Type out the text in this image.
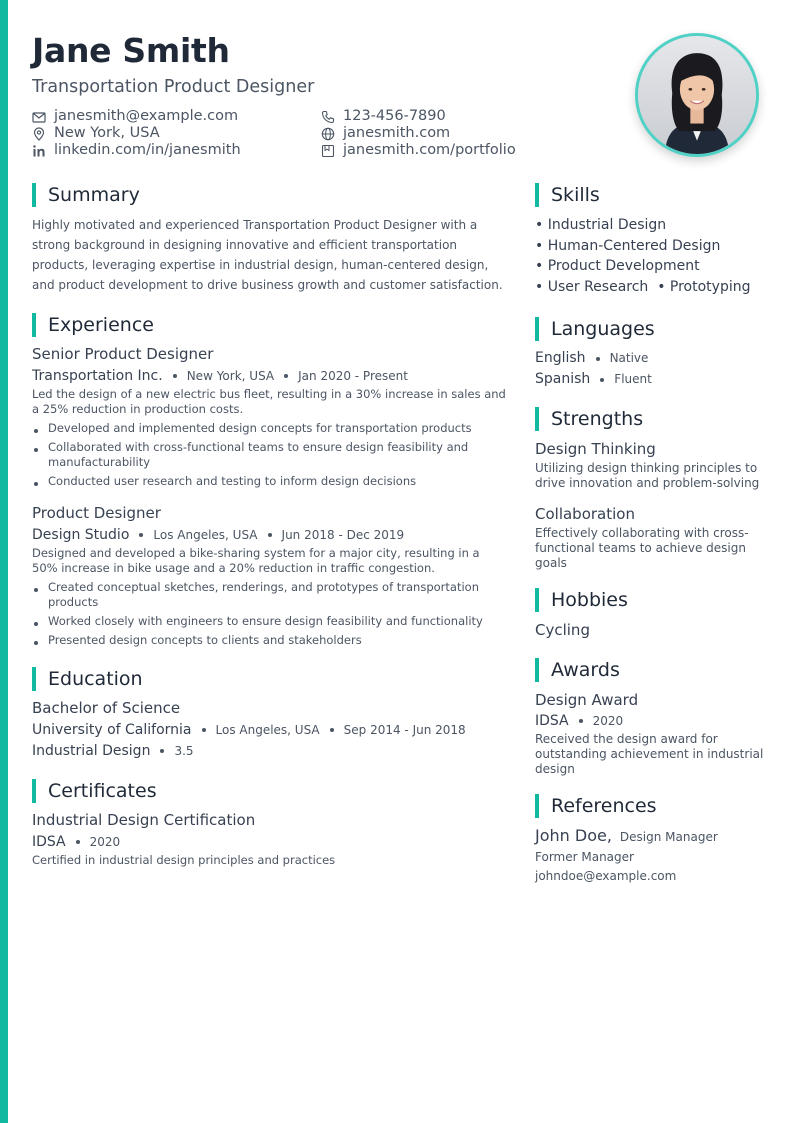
Jane Smith
Transportation Product Designer
janesmith@example.com	123-456-7890
New York, USA	janesmith.com
linkedin.com/in/janesmith	janesmith.com/portfolio
Summary
Highly motivated and experienced Transportation Product Designer with a strong background in designing innovative and efficient transportation products, leveraging expertise in industrial design, human-centered design, and product development to drive business growth and customer satisfaction.
Experience
Senior Product Designer
Transportation Inc. New York, USA Jan 2020 - Present
Led the design of a new electric bus fleet, resulting in a 30% increase in sales and a 25% reduction in production costs.
Developed and implemented design concepts for transportation products
Collaborated with cross-functional teams to ensure design feasibility and manufacturability
Conducted user research and testing to inform design decisions
Product Designer
Design Studio Los Angeles, USA Jun 2018 - Dec 2019
Designed and developed a bike-sharing system for a major city, resulting in a 50% increase in bike usage and a 20% reduction in traffic congestion.
Created conceptual sketches, renderings, and prototypes of transportation products
Worked closely with engineers to ensure design feasibility and functionality
Presented design concepts to clients and stakeholders
Education
Bachelor of Science
University of California Los Angeles, USA Sep 2014 - Jun 2018
Industrial Design 3.5
Certificates
Industrial Design Certification
IDSA 2020
Certified in industrial design principles and practices
Skills
• Industrial Design
• Human-Centered Design
• Product Development
• User Research  • Prototyping
Languages
English Native
Spanish Fluent
Strengths
Design Thinking
Utilizing design thinking principles to drive innovation and problem-solving
Collaboration
Effectively collaborating with cross-functional teams to achieve design goals
Hobbies
Cycling
Awards
Design Award
IDSA 2020
Received the design award for outstanding achievement in industrial design
References
John Doe, Design Manager
Former Manager
johndoe@example.com
